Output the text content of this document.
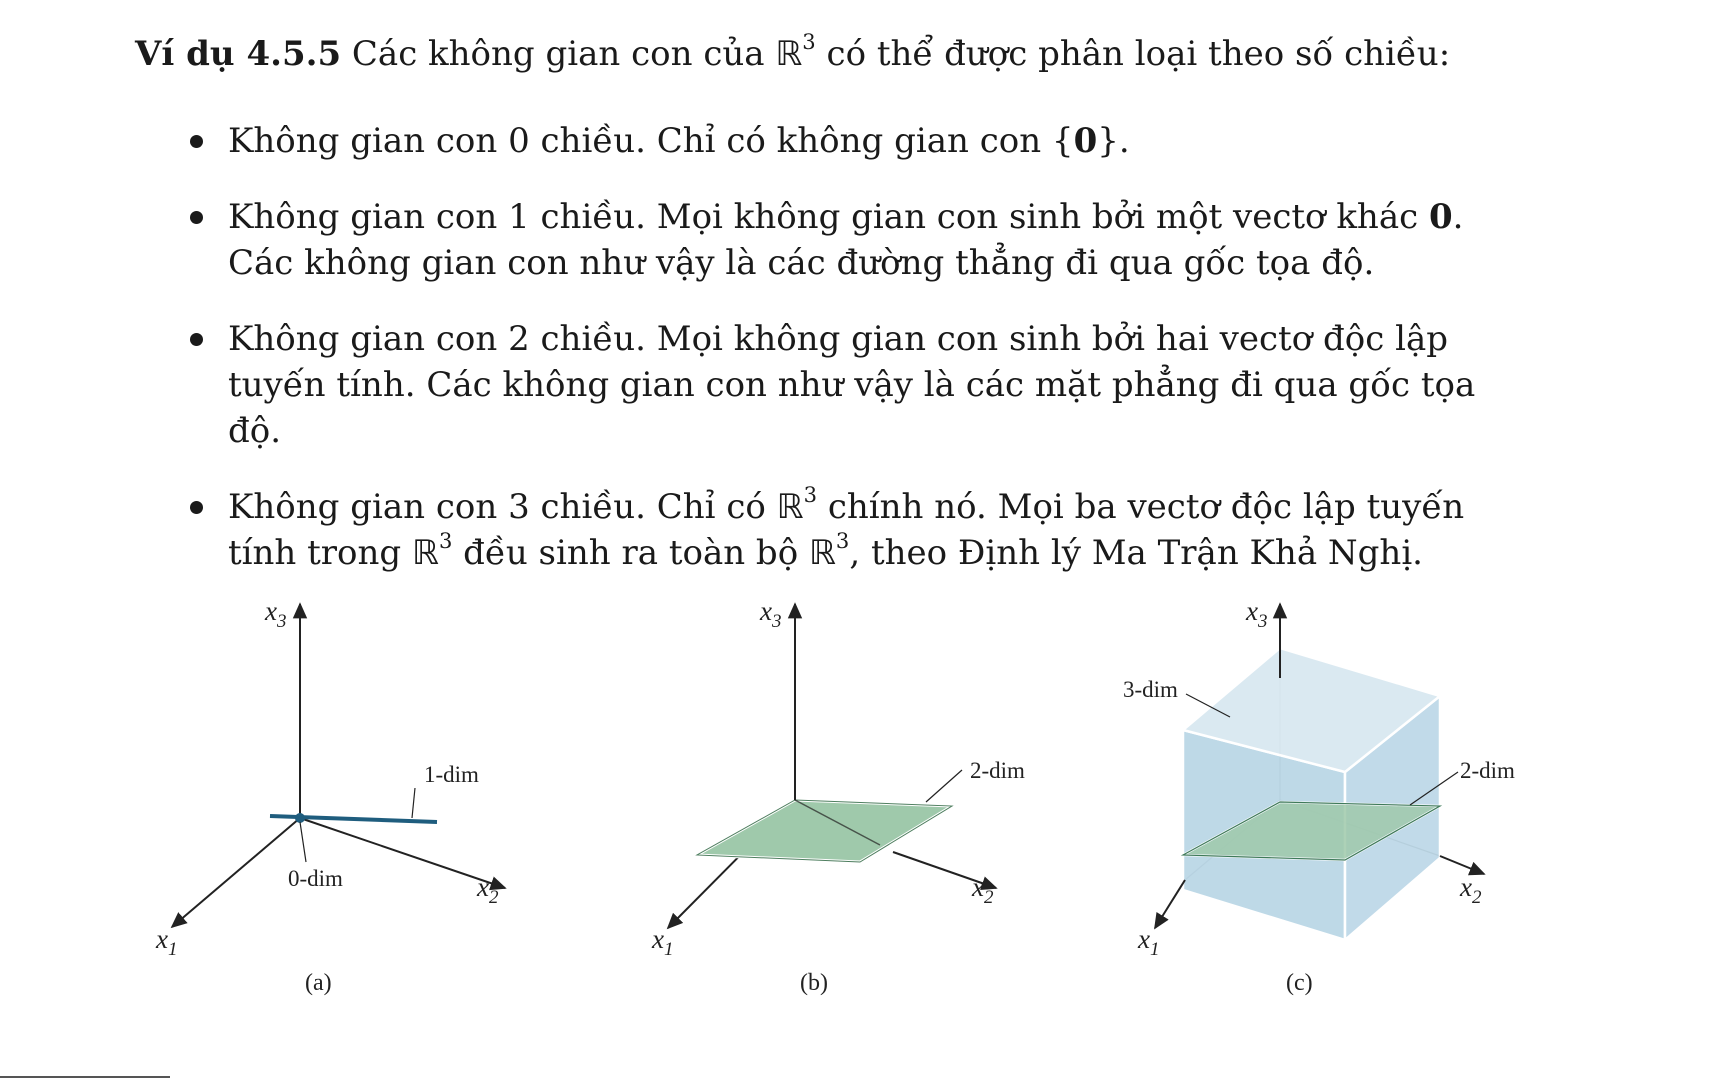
Ví dụ 4.5.5 Các không gian con của ℝ$^3$ có thể được phân loại theo số chiều:
Không gian con 0 chiều. Chỉ có không gian con {0}.
Không gian con 1 chiều. Mọi không gian con sinh bởi một vectơ khác 0.
Các không gian con như vậy là các đường thẳng đi qua gốc tọa độ.
Không gian con 2 chiều. Mọi không gian con sinh bởi hai vectơ độc lập
tuyến tính. Các không gian con như vậy là các mặt phẳng đi qua gốc tọa
độ.
Không gian con 3 chiều. Chỉ có ℝ$^3$ chính nó. Mọi ba vectơ độc lập tuyến
tính trong ℝ$^3$ đều sinh ra toàn bộ ℝ$^3$, theo Định lý Ma Trận Khả Nghị.
$x_3$
$x_2$
$x_1$
0-dim
1-dim
(a)
$x_3$
$x_2$
$x_1$
2-dim
(b)
$x_3$
$x_2$
$x_1$
3-dim
2-dim
(c)
